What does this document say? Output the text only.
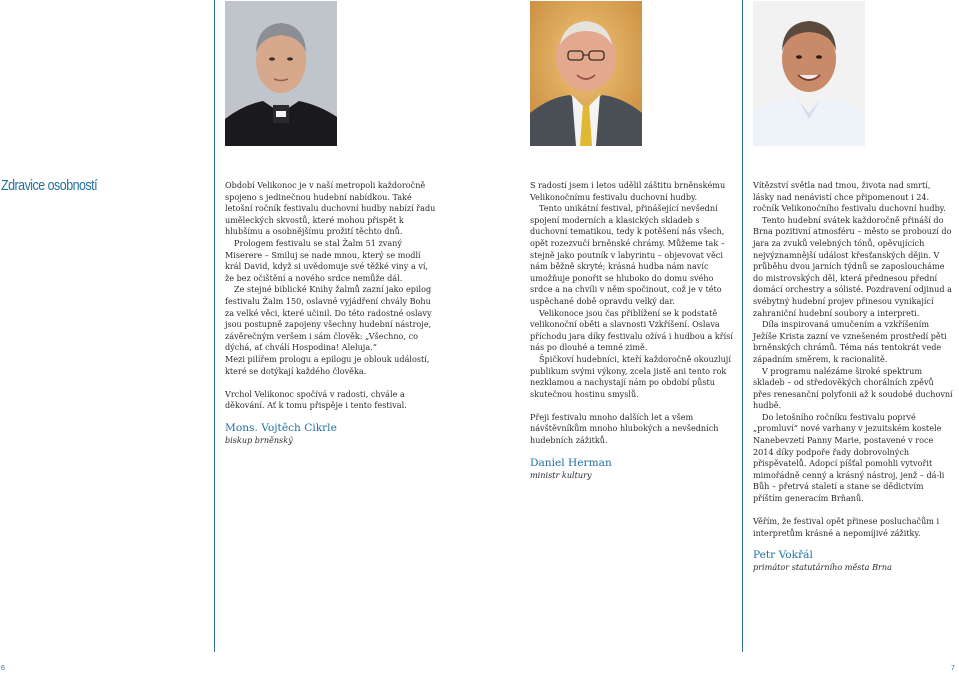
Zdravice osobností	Období Velikonoc je v naší metropoli každoročně spojeno s jedinečnou hudební nabídkou. Také letošní ročník festivalu duchovní hudby nabízí řadu uměleckých skvostů, které mohou přispět k hlubšímu a osobnějšímu prožití těchto dnů.

Prologem festivalu se stal Žalm 51 zvaný Miserere – Smiluj se nade mnou, který se modlí král David, když si uvědomuje své těžké viny a ví, že bez očištění a nového srdce nemůže dál.

Ze stejné biblické Knihy žalmů zazní jako epilog festivalu Žalm 150, oslavné vyjádření chvály Bohu za velké věci, které učinil. Do této radostné oslavy jsou postupně zapojeny všechny hudební nástroje, závěrečným veršem i sám člověk: „Všechno, co dýchá, ať chválí Hospodina! Aleluja.“

Mezi pilířem prologu a epilogu je oblouk událostí, které se dotýkají každého člověka.

Vrchol Velikonoc spočívá v radosti, chvále a děkování. Ať k tomu přispěje i tento festival.

Mons. Vojtěch Cikrle
biskup brněnský

S radostí jsem i letos udělil záštitu brněnskému Velikonočnímu festivalu duchovní hudby.

Tento unikátní festival, přinášející nevšední spojení moderních a klasických skladeb s duchovní tematikou, tedy k potěšení nás všech, opět rozezvučí brněnské chrámy. Můžeme tak – stejně jako poutník v labyrintu – objevovat věci nám běžně skryté; krásná hudba nám navíc umožňuje ponořit se hluboko do domu svého srdce a na chvíli v něm spočinout, což je v této uspěchané době opravdu velký dar.

Velikonoce jsou čas přiblížení se k podstatě velikonoční oběti a slavnosti Vzkříšení. Oslava příchodu jara díky festivalu ožívá i hudbou a křísí nás po dlouhé a temné zimě.

Špičkoví hudebníci, kteří každoročně okouzlují publikum svými výkony, zcela jistě ani tento rok nezklamou a nachystají nám po období půstu skutečnou hostinu smyslů.

Přeji festivalu mnoho dalších let a všem návštěvníkům mnoho hlubokých a nevšedních hudebních zážitků.

Daniel Herman
ministr kultury

Vítězství světla nad tmou, života nad smrtí, lásky nad nenávistí chce připomenout i 24. ročník Velikonočního festivalu duchovní hudby.

Tento hudební svátek každoročně přináší do Brna pozitivní atmosféru – město se probouzí do jara za zvuků velebných tónů, opěvujících nejvýznamnější událost křesťanských dějin. V průběhu dvou jarních týdnů se zaposloucháme do mistrovských děl, která přednesou přední domácí orchestry a sólisté. Pozdravení odjinud a svébytný hudební projev přinesou vynikající zahraniční hudební soubory a interpreti.

Díla inspirovaná umučením a vzkříšením Ježíše Krista zazní ve vznešeném prostředí pěti brněnských chrámů. Téma nás tentokrát vede západním směrem, k racionalitě.

V programu nalézáme široké spektrum skladeb – od středověkých chorálních zpěvů přes renesanční polyfonii až k soudobé duchovní hudbě.

Do letošního ročníku festivalu poprvé „promluví“ nové varhany v jezuitském kostele Nanebevzetí Panny Marie, postavené v roce 2014 díky podpoře řady dobrovolných přispěvatelů. Adopcí píšťal pomohli vytvořit mimořádně cenný a krásný nástroj, jenž – dá-li Bůh – přetrvá staletí a stane se dědictvím příštím generacím Brňanů.

Věřím, že festival opět přinese posluchačům i interpretům krásné a nepomíjivé zážitky.

Petr Vokřál
primátor statutárního města Brna
6	7
